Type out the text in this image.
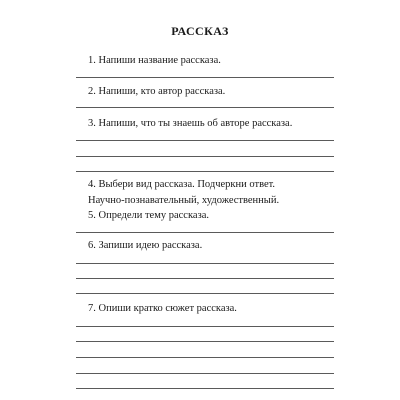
РАССКАЗ
1. Напиши название рассказа.
2. Напиши, кто автор рассказа.
3. Напиши, что ты знаешь об авторе рассказа.
4. Выбери вид рассказа. Подчеркни ответ.
Научно-познавательный, художественный.
5. Определи тему рассказа.
6. Запиши идею рассказа.
7. Опиши кратко сюжет рассказа.
